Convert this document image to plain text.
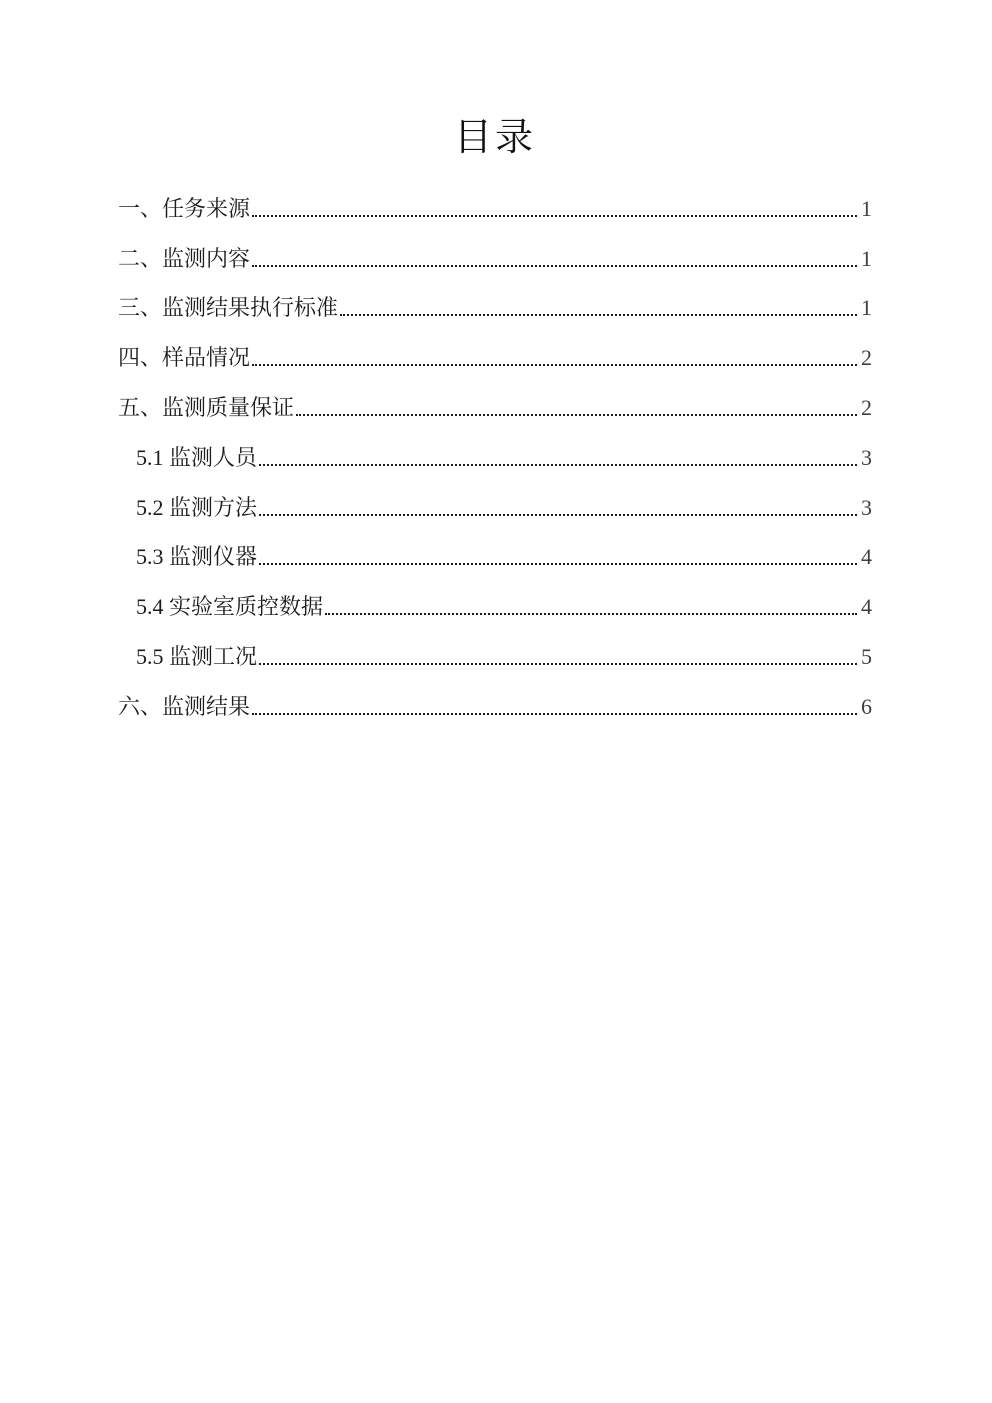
目录
一、任务来源	1
二、监测内容	1
三、监测结果执行标准	1
四、样品情况	2
五、监测质量保证	2
5.1 监测人员	3
5.2 监测方法	3
5.3 监测仪器	4
5.4 实验室质控数据	4
5.5 监测工况	5
六、监测结果	6
